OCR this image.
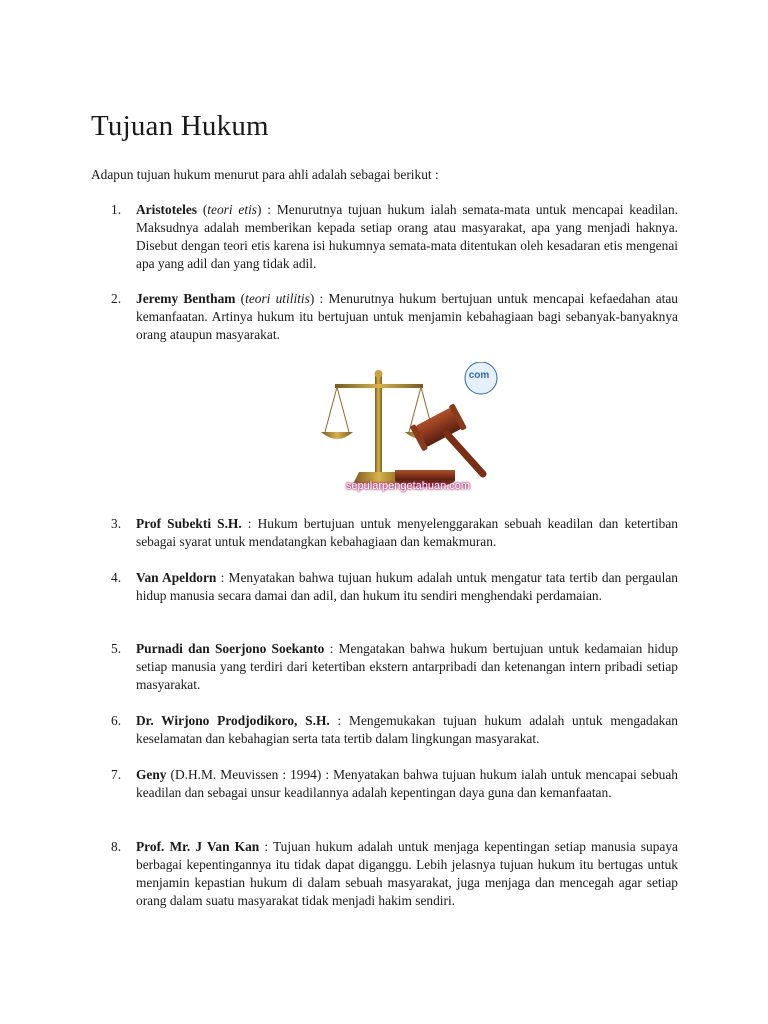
Tujuan Hukum

Adapun tujuan hukum menurut para ahli adalah sebagai berikut :

1.	Aristoteles (teori etis) : Menurutnya tujuan hukum ialah semata-mata untuk mencapai keadilan. Maksudnya adalah memberikan kepada setiap orang atau masyarakat, apa yang menjadi haknya. Disebut dengan teori etis karena isi hukumnya semata-mata ditentukan oleh kesadaran etis mengenai apa yang adil dan yang tidak adil.
2.	Jeremy Bentham (teori utilitis) : Menurutnya hukum bertujuan untuk mencapai kefaedahan atau kemanfaatan. Artinya hukum itu bertujuan untuk menjamin kebahagiaan bagi sebanyak-banyaknya orang ataupun masyarakat.
com
sepularpengetahuan.com
3.	Prof Subekti S.H. : Hukum bertujuan untuk menyelenggarakan sebuah keadilan dan ketertiban sebagai syarat untuk mendatangkan kebahagiaan dan kemakmuran.
4.	Van Apeldorn : Menyatakan bahwa tujuan hukum adalah untuk mengatur tata tertib dan pergaulan hidup manusia secara damai dan adil, dan hukum itu sendiri menghendaki perdamaian.
5.	Purnadi dan Soerjono Soekanto : Mengatakan bahwa hukum bertujuan untuk kedamaian hidup setiap manusia yang terdiri dari ketertiban ekstern antarpribadi dan ketenangan intern pribadi setiap masyarakat.
6.	Dr. Wirjono Prodjodikoro, S.H. : Mengemukakan tujuan hukum adalah untuk mengadakan keselamatan dan kebahagian serta tata tertib dalam lingkungan masyarakat.
7.	Geny (D.H.M. Meuvissen : 1994) : Menyatakan bahwa tujuan hukum ialah untuk mencapai sebuah keadilan dan sebagai unsur keadilannya adalah kepentingan daya guna dan kemanfaatan.
8.	Prof. Mr. J Van Kan : Tujuan hukum adalah untuk menjaga kepentingan setiap manusia supaya berbagai kepentingannya itu tidak dapat diganggu. Lebih jelasnya tujuan hukum itu bertugas untuk menjamin kepastian hukum di dalam sebuah masyarakat, juga menjaga dan mencegah agar setiap orang dalam suatu masyarakat tidak menjadi hakim sendiri.
